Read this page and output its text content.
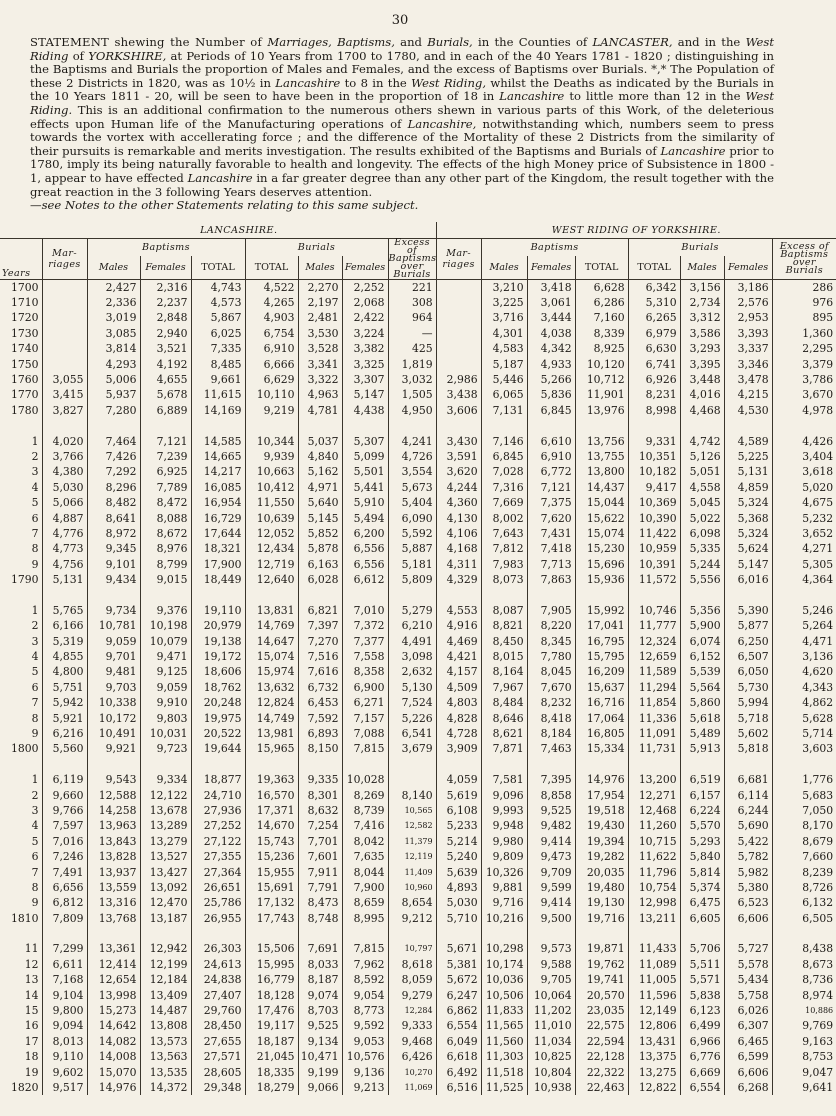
30
STATEMENT shewing the Number of Marriages, Baptisms, and Burials, in the Counties of LANCASTER, and in the West Riding of YORKSHIRE, at Periods of 10 Years from 1700 to 1780, and in each of the 40 Years 1781 - 1820 ; distinguishing in the Baptisms and Burials the proportion of Males and Females, and the excess of Baptisms over Burials. *,* The Population of these 2 Districts in 1820, was as 10½ in Lancashire to 8 in the West Riding, whilst the Deaths as indicated by the Burials in the 10 Years 1811 - 20, will be seen to have been in the proportion of 18 in Lancashire to little more than 12 in the West Riding. This is an additional confirmation to the numerous others shewn in various parts of this Work, of the deleterious effects upon Human life of the Manufacturing operations of Lancashire, notwithstanding which, numbers seem to press towards the vortex with accellerating force ; and the difference of the Mortality of these 2 Districts from the similarity of their pursuits is remarkable and merits investigation. The results exhibited of the Baptisms and Burials of Lancashire prior to 1780, imply its being naturally favorable to health and longevity. The effects of the high Money price of Subsistence in 1800 - 1, appear to have effected Lancashire in a far greater degree than any other part of the Kingdom, the result together with the great reaction in the 3 following Years deserves attention.
—see Notes to the other Statements relating to this same subject.
	LANCASHIRE.								WEST RIDING OF YORKSHIRE.							
Years	Mar- riages	Baptisms			Burials			Excess of Baptisms over Burials	Mar- riages	Baptisms			Burials			Excess of Baptisms over Burials
		Males	Females	TOTAL	TOTAL	Males	Females			Males	Females	TOTAL	TOTAL	Males	Females	
1700		2,427	2,316	4,743	4,522	2,270	2,252	221		3,210	3,418	6,628	6,342	3,156	3,186	286
1710		2,336	2,237	4,573	4,265	2,197	2,068	308		3,225	3,061	6,286	5,310	2,734	2,576	976
1720		3,019	2,848	5,867	4,903	2,481	2,422	964		3,716	3,444	7,160	6,265	3,312	2,953	895
1730		3,085	2,940	6,025	6,754	3,530	3,224	—		4,301	4,038	8,339	6,979	3,586	3,393	1,360
1740		3,814	3,521	7,335	6,910	3,528	3,382	425		4,583	4,342	8,925	6,630	3,293	3,337	2,295
1750		4,293	4,192	8,485	6,666	3,341	3,325	1,819		5,187	4,933	10,120	6,741	3,395	3,346	3,379
1760	3,055	5,006	4,655	9,661	6,629	3,322	3,307	3,032	2,986	5,446	5,266	10,712	6,926	3,448	3,478	3,786
1770	3,415	5,937	5,678	11,615	10,110	4,963	5,147	1,505	3,438	6,065	5,836	11,901	8,231	4,016	4,215	3,670
1780	3,827	7,280	6,889	14,169	9,219	4,781	4,438	4,950	3,606	7,131	6,845	13,976	8,998	4,468	4,530	4,978

1	4,020	7,464	7,121	14,585	10,344	5,037	5,307	4,241	3,430	7,146	6,610	13,756	9,331	4,742	4,589	4,426
2	3,766	7,426	7,239	14,665	9,939	4,840	5,099	4,726	3,591	6,845	6,910	13,755	10,351	5,126	5,225	3,404
3	4,380	7,292	6,925	14,217	10,663	5,162	5,501	3,554	3,620	7,028	6,772	13,800	10,182	5,051	5,131	3,618
4	5,030	8,296	7,789	16,085	10,412	4,971	5,441	5,673	4,244	7,316	7,121	14,437	9,417	4,558	4,859	5,020
5	5,066	8,482	8,472	16,954	11,550	5,640	5,910	5,404	4,360	7,669	7,375	15,044	10,369	5,045	5,324	4,675
6	4,887	8,641	8,088	16,729	10,639	5,145	5,494	6,090	4,130	8,002	7,620	15,622	10,390	5,022	5,368	5,232
7	4,776	8,972	8,672	17,644	12,052	5,852	6,200	5,592	4,106	7,643	7,431	15,074	11,422	6,098	5,324	3,652
8	4,773	9,345	8,976	18,321	12,434	5,878	6,556	5,887	4,168	7,812	7,418	15,230	10,959	5,335	5,624	4,271
9	4,756	9,101	8,799	17,900	12,719	6,163	6,556	5,181	4,311	7,983	7,713	15,696	10,391	5,244	5,147	5,305
1790	5,131	9,434	9,015	18,449	12,640	6,028	6,612	5,809	4,329	8,073	7,863	15,936	11,572	5,556	6,016	4,364

1	5,765	9,734	9,376	19,110	13,831	6,821	7,010	5,279	4,553	8,087	7,905	15,992	10,746	5,356	5,390	5,246
2	6,166	10,781	10,198	20,979	14,769	7,397	7,372	6,210	4,916	8,821	8,220	17,041	11,777	5,900	5,877	5,264
3	5,319	9,059	10,079	19,138	14,647	7,270	7,377	4,491	4,469	8,450	8,345	16,795	12,324	6,074	6,250	4,471
4	4,855	9,701	9,471	19,172	15,074	7,516	7,558	3,098	4,421	8,015	7,780	15,795	12,659	6,152	6,507	3,136
5	4,800	9,481	9,125	18,606	15,974	7,616	8,358	2,632	4,157	8,164	8,045	16,209	11,589	5,539	6,050	4,620
6	5,751	9,703	9,059	18,762	13,632	6,732	6,900	5,130	4,509	7,967	7,670	15,637	11,294	5,564	5,730	4,343
7	5,942	10,338	9,910	20,248	12,824	6,453	6,271	7,524	4,803	8,484	8,232	16,716	11,854	5,860	5,994	4,862
8	5,921	10,172	9,803	19,975	14,749	7,592	7,157	5,226	4,828	8,646	8,418	17,064	11,336	5,618	5,718	5,628
9	6,216	10,491	10,031	20,522	13,981	6,893	7,088	6,541	4,728	8,621	8,184	16,805	11,091	5,489	5,602	5,714
1800	5,560	9,921	9,723	19,644	15,965	8,150	7,815	3,679	3,909	7,871	7,463	15,334	11,731	5,913	5,818	3,603

1	6,119	9,543	9,334	18,877	19,363	9,335	10,028		4,059	7,581	7,395	14,976	13,200	6,519	6,681	1,776
2	9,660	12,588	12,122	24,710	16,570	8,301	8,269	8,140	5,619	9,096	8,858	17,954	12,271	6,157	6,114	5,683
3	9,766	14,258	13,678	27,936	17,371	8,632	8,739	10,565	6,108	9,993	9,525	19,518	12,468	6,224	6,244	7,050
4	7,597	13,963	13,289	27,252	14,670	7,254	7,416	12,582	5,233	9,948	9,482	19,430	11,260	5,570	5,690	8,170
5	7,016	13,843	13,279	27,122	15,743	7,701	8,042	11,379	5,214	9,980	9,414	19,394	10,715	5,293	5,422	8,679
6	7,246	13,828	13,527	27,355	15,236	7,601	7,635	12,119	5,240	9,809	9,473	19,282	11,622	5,840	5,782	7,660
7	7,491	13,937	13,427	27,364	15,955	7,911	8,044	11,409	5,639	10,326	9,709	20,035	11,796	5,814	5,982	8,239
8	6,656	13,559	13,092	26,651	15,691	7,791	7,900	10,960	4,893	9,881	9,599	19,480	10,754	5,374	5,380	8,726
9	6,812	13,316	12,470	25,786	17,132	8,473	8,659	8,654	5,030	9,716	9,414	19,130	12,998	6,475	6,523	6,132
1810	7,809	13,768	13,187	26,955	17,743	8,748	8,995	9,212	5,710	10,216	9,500	19,716	13,211	6,605	6,606	6,505

11	7,299	13,361	12,942	26,303	15,506	7,691	7,815	10,797	5,671	10,298	9,573	19,871	11,433	5,706	5,727	8,438
12	6,611	12,414	12,199	24,613	15,995	8,033	7,962	8,618	5,381	10,174	9,588	19,762	11,089	5,511	5,578	8,673
13	7,168	12,654	12,184	24,838	16,779	8,187	8,592	8,059	5,672	10,036	9,705	19,741	11,005	5,571	5,434	8,736
14	9,104	13,998	13,409	27,407	18,128	9,074	9,054	9,279	6,247	10,506	10,064	20,570	11,596	5,838	5,758	8,974
15	9,800	15,273	14,487	29,760	17,476	8,703	8,773	12,284	6,862	11,833	11,202	23,035	12,149	6,123	6,026	10,886
16	9,094	14,642	13,808	28,450	19,117	9,525	9,592	9,333	6,554	11,565	11,010	22,575	12,806	6,499	6,307	9,769
17	8,013	14,082	13,573	27,655	18,187	9,134	9,053	9,468	6,049	11,560	11,034	22,594	13,431	6,966	6,465	9,163
18	9,110	14,008	13,563	27,571	21,045	10,471	10,576	6,426	6,618	11,303	10,825	22,128	13,375	6,776	6,599	8,753
19	9,602	15,070	13,535	28,605	18,335	9,199	9,136	10,270	6,492	11,518	10,804	22,322	13,275	6,669	6,606	9,047
1820	9,517	14,976	14,372	29,348	18,279	9,066	9,213	11,069	6,516	11,525	10,938	22,463	12,822	6,554	6,268	9,641
